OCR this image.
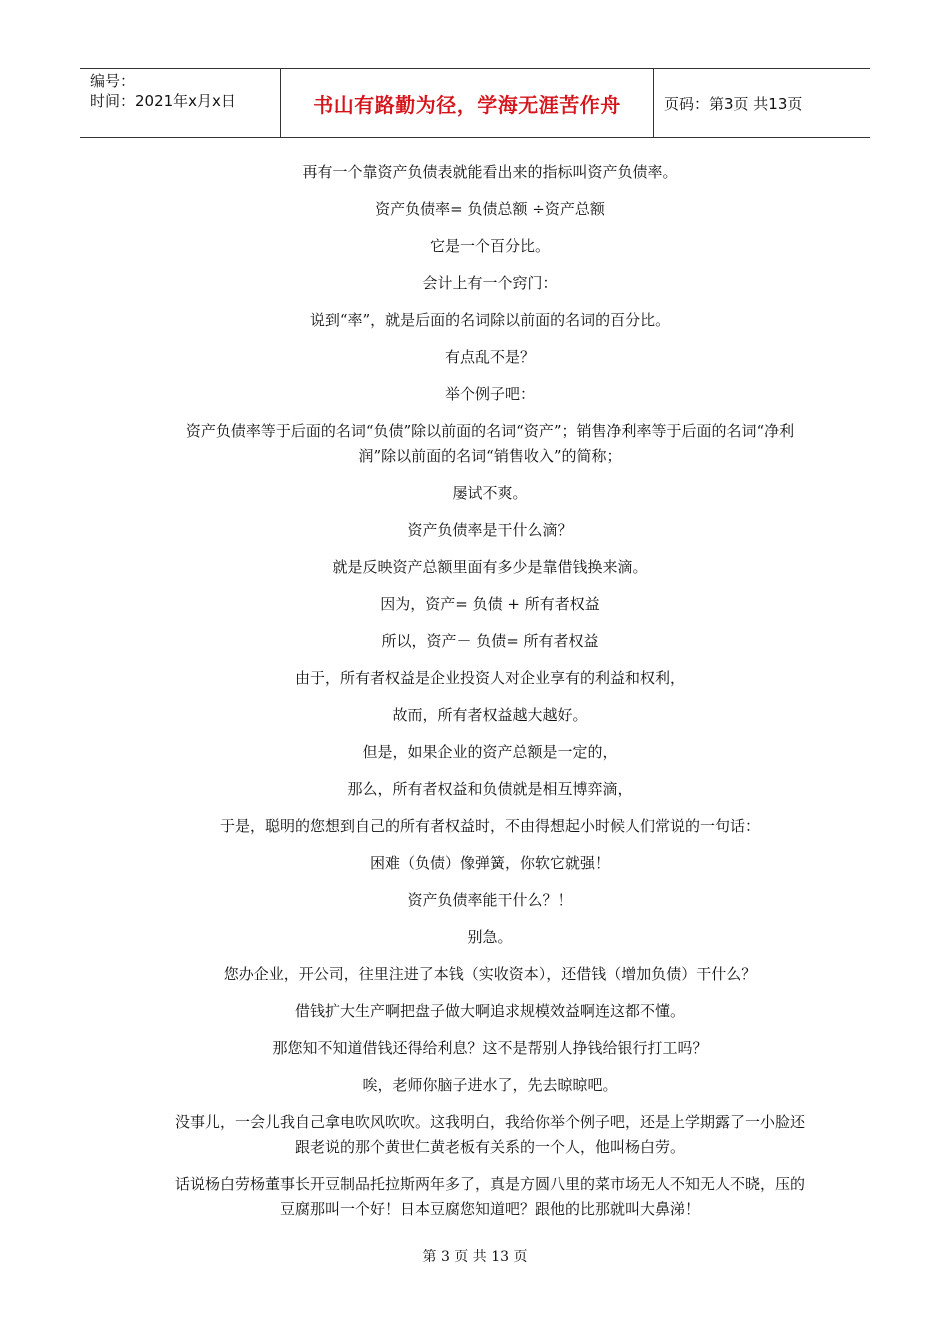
编号：
时间：2021年x月x日	书山有路勤为径，学海无涯苦作舟	页码：第3页 共13页

再有一个靠资产负债表就能看出来的指标叫资产负债率。

资产负债率= 负债总额 ÷资产总额

它是一个百分比。

会计上有一个窍门：

说到“率”，就是后面的名词除以前面的名词的百分比。

有点乱不是？

举个例子吧：

资产负债率等于后面的名词“负债”除以前面的名词“资产”；销售净利率等于后面的名词“净利润”除以前面的名词“销售收入”的简称；

屡试不爽。

资产负债率是干什么滴？

就是反映资产总额里面有多少是靠借钱换来滴。

因为，资产= 负债 + 所有者权益

所以，资产－ 负债= 所有者权益

由于，所有者权益是企业投资人对企业享有的利益和权利，

故而，所有者权益越大越好。

但是，如果企业的资产总额是一定的，

那么，所有者权益和负债就是相互博弈滴，

于是，聪明的您想到自己的所有者权益时，不由得想起小时候人们常说的一句话：

困难（负债）像弹簧，你软它就强！

资产负债率能干什么？！

别急。

您办企业，开公司，往里注进了本钱（实收资本），还借钱（增加负债）干什么？

借钱扩大生产啊把盘子做大啊追求规模效益啊连这都不懂。

那您知不知道借钱还得给利息？这不是帮别人挣钱给银行打工吗？

唉，老师你脑子进水了，先去晾晾吧。

没事儿，一会儿我自己拿电吹风吹吹。这我明白，我给你举个例子吧，还是上学期露了一小脸还跟老说的那个黄世仁黄老板有关系的一个人，他叫杨白劳。

话说杨白劳杨董事长开豆制品托拉斯两年多了，真是方圆八里的菜市场无人不知无人不晓，压的豆腐那叫一个好！日本豆腐您知道吧？跟他的比那就叫大鼻涕！

第 3 页 共 13 页
